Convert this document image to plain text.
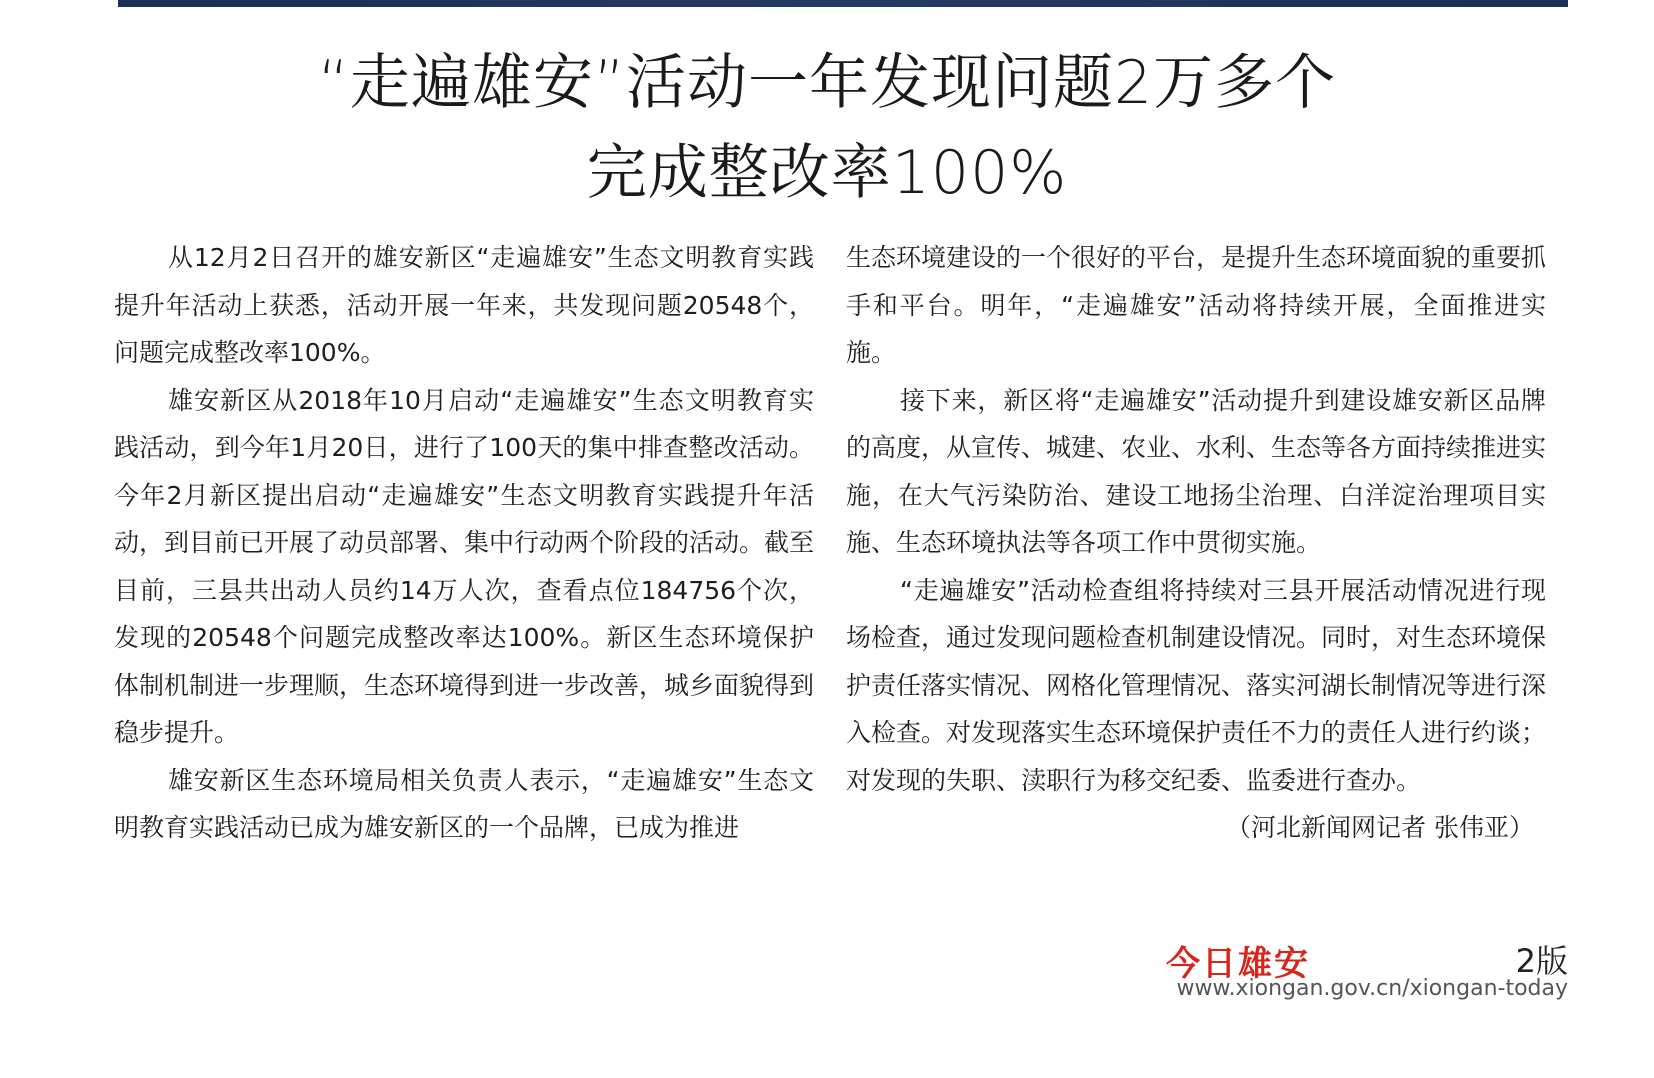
“走遍雄安”活动一年发现问题2万多个
完成整改率100%

从12月2日召开的雄安新区“走遍雄安”生态文明教育实践提升年活动上获悉，活动开展一年来，共发现问题20548个，问题完成整改率100%。

雄安新区从2018年10月启动“走遍雄安”生态文明教育实践活动，到今年1月20日，进行了100天的集中排查整改活动。今年2月新区提出启动“走遍雄安”生态文明教育实践提升年活动，到目前已开展了动员部署、集中行动两个阶段的活动。截至目前，三县共出动人员约14万人次，查看点位184756个次，发现的20548个问题完成整改率达100%。新区生态环境保护体制机制进一步理顺，生态环境得到进一步改善，城乡面貌得到稳步提升。

雄安新区生态环境局相关负责人表示，“走遍雄安”生态文明教育实践活动已成为雄安新区的一个品牌，已成为推进

生态环境建设的一个很好的平台，是提升生态环境面貌的重要抓手和平台。明年，“走遍雄安”活动将持续开展，全面推进实施。

接下来，新区将“走遍雄安”活动提升到建设雄安新区品牌的高度，从宣传、城建、农业、水利、生态等各方面持续推进实施，在大气污染防治、建设工地扬尘治理、白洋淀治理项目实施、生态环境执法等各项工作中贯彻实施。

“走遍雄安”活动检查组将持续对三县开展活动情况进行现场检查，通过发现问题检查机制建设情况。同时，对生态环境保护责任落实情况、网格化管理情况、落实河湖长制情况等进行深入检查。对发现落实生态环境保护责任不力的责任人进行约谈；对发现的失职、渎职行为移交纪委、监委进行查办。

（河北新闻网记者 张伟亚）

今日雄安	2版
www.xiongan.gov.cn/xiongan-today
